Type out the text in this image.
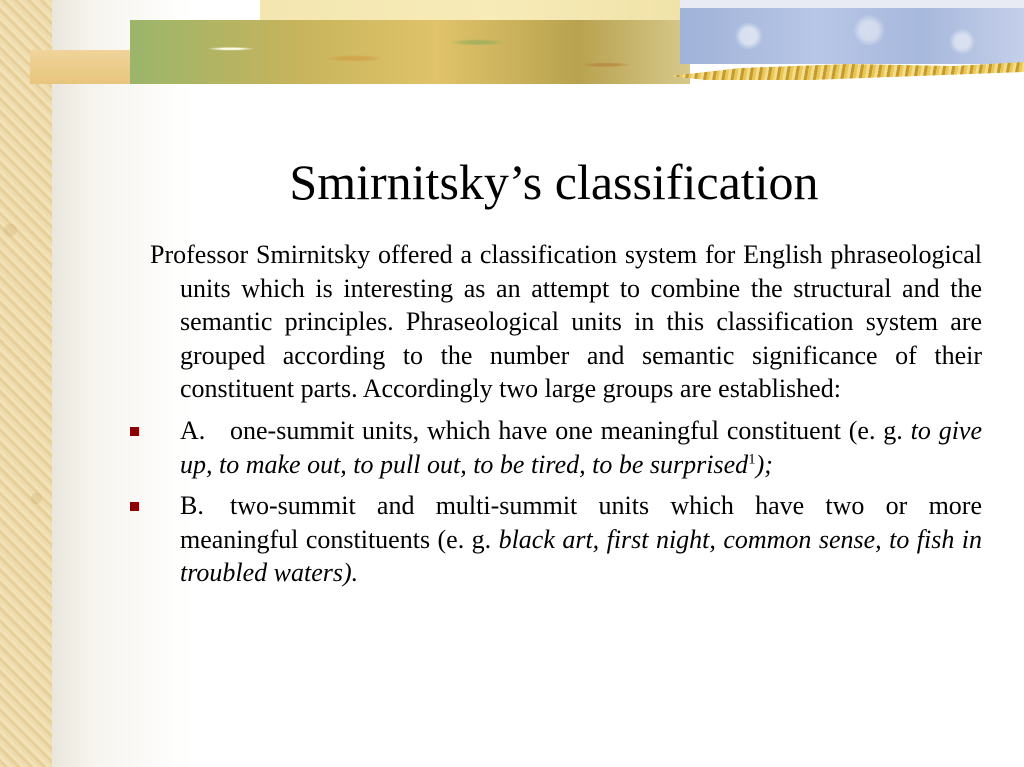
Smirnitsky’s classification

Professor Smirnitsky offered a classification system for English phraseological units which is interesting as an attempt to combine the structural and the semantic principles. Phraseological units in this classification system are grouped according to the number and semantic significance of their constituent parts. Accordingly two large groups are established:

A. one-summit units, which have one meaningful constituent (e. g. to give up, to make out, to pull out, to be tired, to be surprised$^1$);
B. two-summit and multi-summit units which have two or more meaningful constituents (e. g. black art, first night, common sense, to fish in troubled waters).
